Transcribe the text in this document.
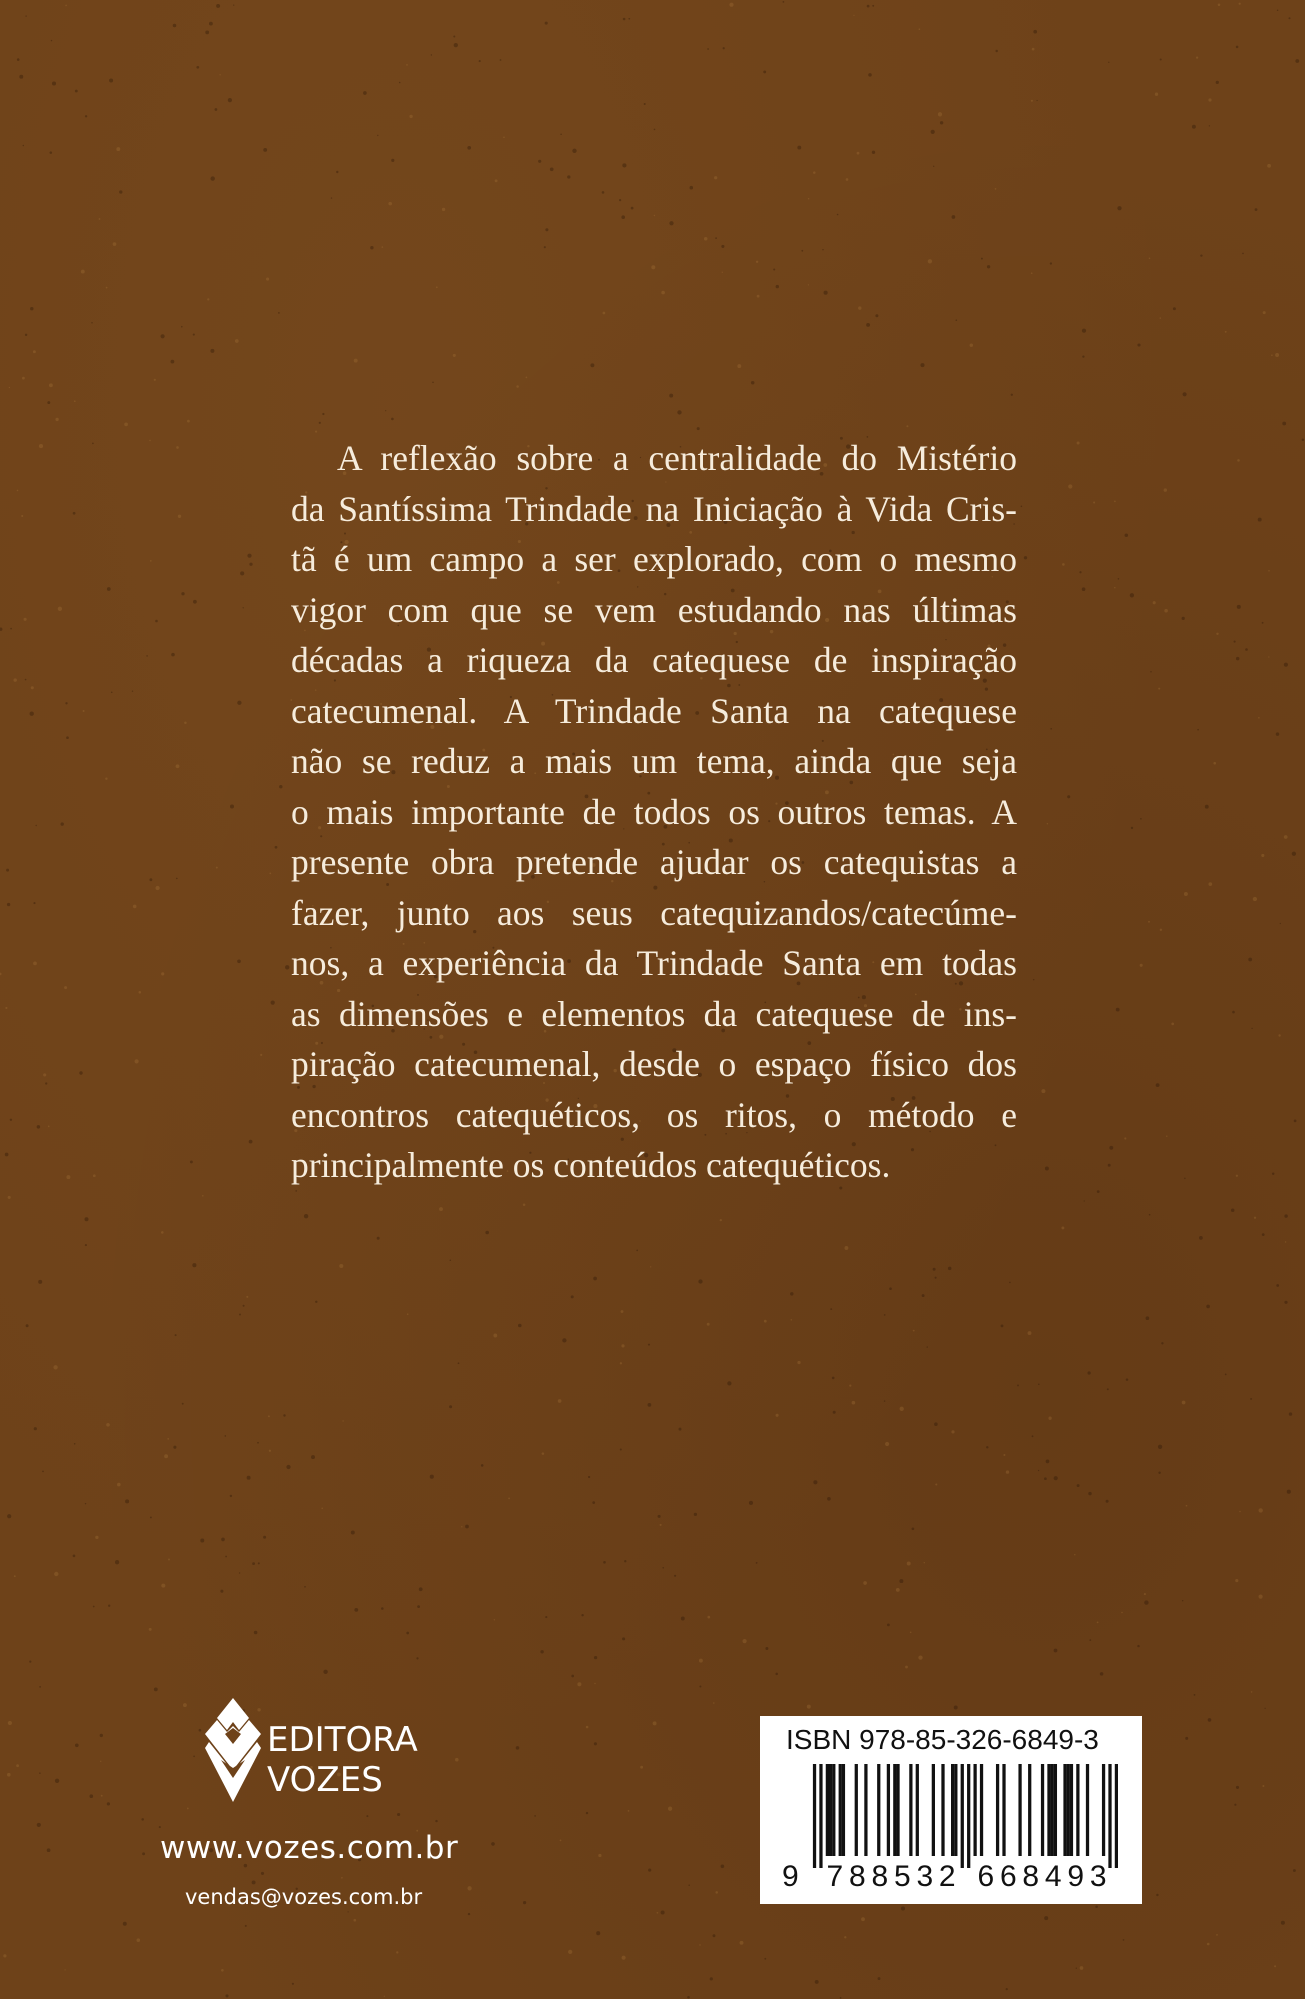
A reflexão sobre a centralidade do Mistério
da Santíssima Trindade na Iniciação à Vida Cris-
tã é um campo a ser explorado, com o mesmo
vigor com que se vem estudando nas últimas
décadas a riqueza da catequese de inspiração
catecumenal. A Trindade Santa na catequese
não se reduz a mais um tema, ainda que seja
o mais importante de todos os outros temas. A
presente obra pretende ajudar os catequistas a
fazer, junto aos seus catequizandos/catecúme-
nos, a experiência da Trindade Santa em todas
as dimensões e elementos da catequese de ins-
piração catecumenal, desde o espaço físico dos
encontros catequéticos, os ritos, o método e
principalmente os conteúdos catequéticos.
EDITORA
VOZES
www.vozes.com.br
vendas@vozes.com.br
ISBN 978-85-326-6849-3
9 7 8 8 5 3 2 6 6 8 4 9 3
